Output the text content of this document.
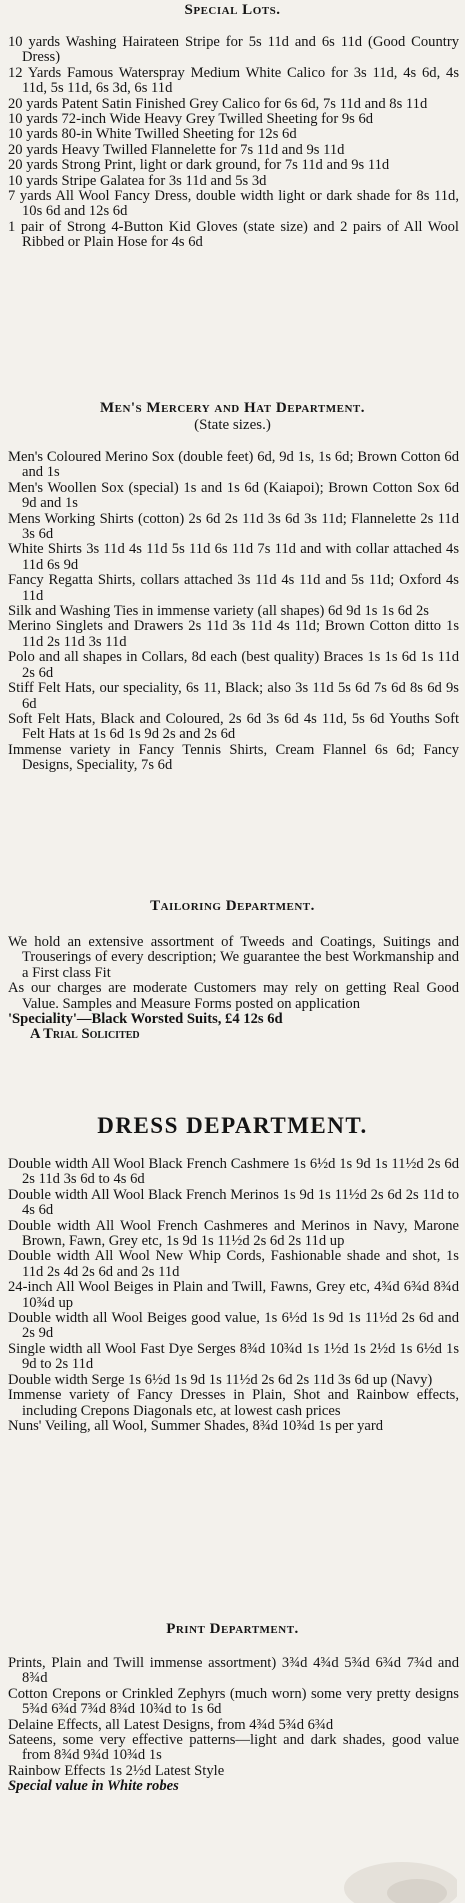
Special Lots.

10 yards Washing Hairateen Stripe for 5s 11d and 6s 11d (Good Country Dress)

12 Yards Famous Waterspray Medium White Calico for 3s 11d, 4s 6d, 4s 11d, 5s 11d, 6s 3d, 6s 11d

20 yards Patent Satin Finished Grey Calico for 6s 6d, 7s 11d and 8s 11d

10 yards 72-inch Wide Heavy Grey Twilled Sheeting for 9s 6d

10 yards 80-in White Twilled Sheeting for 12s 6d

20 yards Heavy Twilled Flannelette for 7s 11d and 9s 11d

20 yards Strong Print, light or dark ground, for 7s 11d and 9s 11d

10 yards Stripe Galatea for 3s 11d and 5s 3d

7 yards All Wool Fancy Dress, double width light or dark shade for 8s 11d, 10s 6d and 12s 6d

1 pair of Strong 4-Button Kid Gloves (state size) and 2 pairs of All Wool Ribbed or Plain Hose for 4s 6d

Men's Mercery and Hat Department.

(State sizes.)

Men's Coloured Merino Sox (double feet) 6d, 9d 1s, 1s 6d; Brown Cotton 6d and 1s

Men's Woollen Sox (special) 1s and 1s 6d (Kaiapoi); Brown Cotton Sox 6d 9d and 1s

Mens Working Shirts (cotton) 2s 6d 2s 11d 3s 6d 3s 11d; Flannelette 2s 11d 3s 6d

White Shirts 3s 11d 4s 11d 5s 11d 6s 11d 7s 11d and with collar attached 4s 11d 6s 9d

Fancy Regatta Shirts, collars attached 3s 11d 4s 11d and 5s 11d; Oxford 4s 11d

Silk and Washing Ties in immense variety (all shapes) 6d 9d 1s 1s 6d 2s

Merino Singlets and Drawers 2s 11d 3s 11d 4s 11d; Brown Cotton ditto 1s 11d 2s 11d 3s 11d

Polo and all shapes in Collars, 8d each (best quality) Braces 1s 1s 6d 1s 11d 2s 6d

Stiff Felt Hats, our speciality, 6s 11, Black; also 3s 11d 5s 6d 7s 6d 8s 6d 9s 6d

Soft Felt Hats, Black and Coloured, 2s 6d 3s 6d 4s 11d, 5s 6d Youths Soft Felt Hats at 1s 6d 1s 9d 2s and 2s 6d

Immense variety in Fancy Tennis Shirts, Cream Flannel 6s 6d; Fancy Designs, Speciality, 7s 6d

Tailoring Department.

We hold an extensive assortment of Tweeds and Coatings, Suitings and Trouserings of every description; We guarantee the best Workmanship and a First class Fit

As our charges are moderate Customers may rely on getting Real Good Value. Samples and Measure Forms posted on application

'Speciality'—Black Worsted Suits, £4 12s 6d

A Trial Solicited

DRESS DEPARTMENT.

Double width All Wool Black French Cashmere 1s 6½d 1s 9d 1s 11½d 2s 6d 2s 11d 3s 6d to 4s 6d

Double width All Wool Black French Merinos 1s 9d 1s 11½d 2s 6d 2s 11d to 4s 6d

Double width All Wool French Cashmeres and Merinos in Navy, Marone Brown, Fawn, Grey etc, 1s 9d 1s 11½d 2s 6d 2s 11d up

Double width All Wool New Whip Cords, Fashionable shade and shot, 1s 11d 2s 4d 2s 6d and 2s 11d

24-inch All Wool Beiges in Plain and Twill, Fawns, Grey etc, 4¾d 6¾d 8¾d 10¾d up

Double width all Wool Beiges good value, 1s 6½d 1s 9d 1s 11½d 2s 6d and 2s 9d

Single width all Wool Fast Dye Serges 8¾d 10¾d 1s 1½d 1s 2½d 1s 6½d 1s 9d to 2s 11d

Double width Serge 1s 6½d 1s 9d 1s 11½d 2s 6d 2s 11d 3s 6d up (Navy)

Immense variety of Fancy Dresses in Plain, Shot and Rainbow effects, including Crepons Diagonals etc, at lowest cash prices

Nuns' Veiling, all Wool, Summer Shades, 8¾d 10¾d 1s per yard

Print Department.

Prints, Plain and Twill immense assortment) 3¾d 4¾d 5¾d 6¾d 7¾d and 8¾d

Cotton Crepons or Crinkled Zephyrs (much worn) some very pretty designs 5¾d 6¾d 7¾d 8¾d 10¾d to 1s 6d

Delaine Effects, all Latest Designs, from 4¾d 5¾d 6¾d

Sateens, some very effective patterns—light and dark shades, good value from 8¾d 9¾d 10¾d 1s

Rainbow Effects 1s 2½d Latest Style

Special value in White robes
